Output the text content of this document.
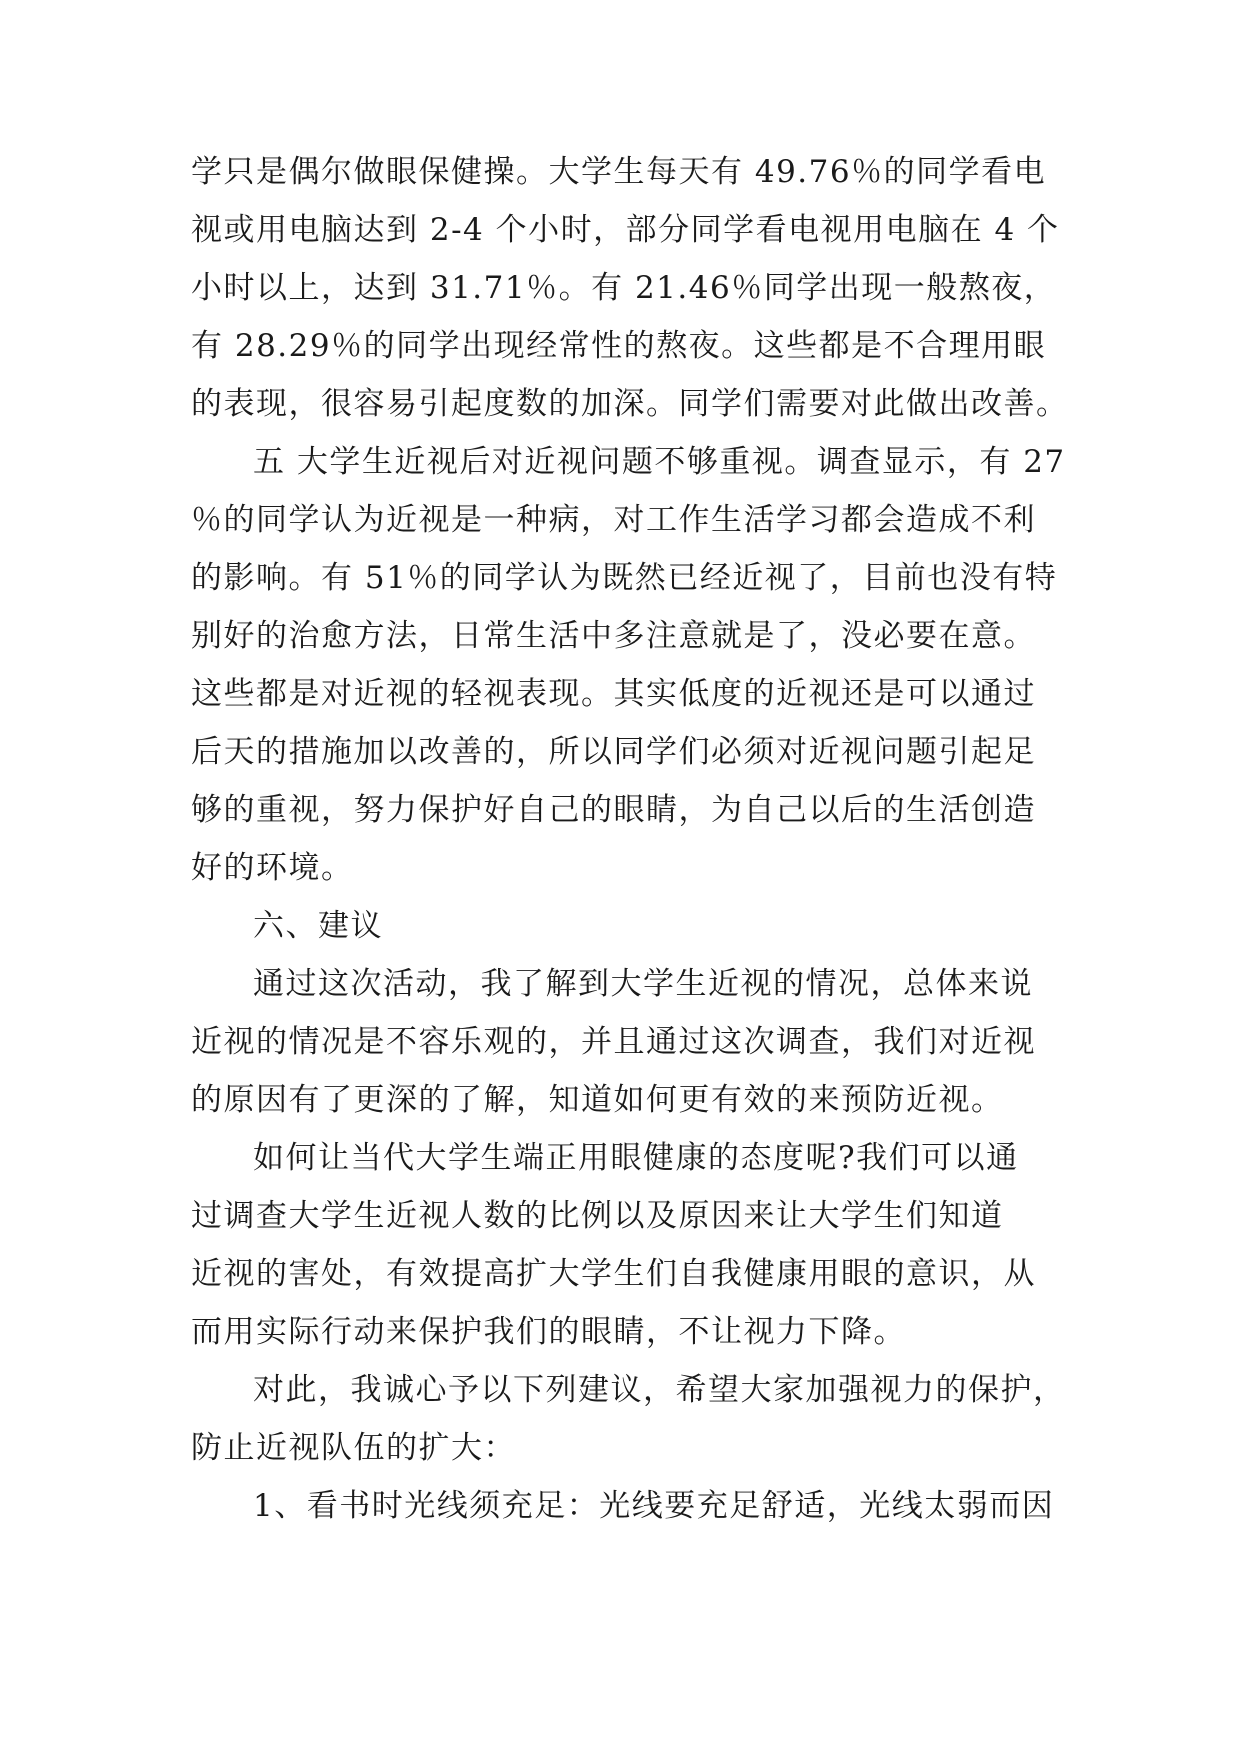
学只是偶尔做眼保健操。大学生每天有 49.76％的同学看电
视或用电脑达到 2-4 个小时，部分同学看电视用电脑在 4 个
小时以上，达到 31.71％。有 21.46％同学出现一般熬夜，
有 28.29％的同学出现经常性的熬夜。这些都是不合理用眼
的表现，很容易引起度数的加深。同学们需要对此做出改善。
五 大学生近视后对近视问题不够重视。调查显示，有 27
％的同学认为近视是一种病，对工作生活学习都会造成不利
的影响。有 51％的同学认为既然已经近视了，目前也没有特
别好的治愈方法，日常生活中多注意就是了，没必要在意。
这些都是对近视的轻视表现。其实低度的近视还是可以通过
后天的措施加以改善的，所以同学们必须对近视问题引起足
够的重视，努力保护好自己的眼睛，为自己以后的生活创造
好的环境。
六、建议
通过这次活动，我了解到大学生近视的情况，总体来说
近视的情况是不容乐观的，并且通过这次调查，我们对近视
的原因有了更深的了解，知道如何更有效的来预防近视。
如何让当代大学生端正用眼健康的态度呢?我们可以通
过调查大学生近视人数的比例以及原因来让大学生们知道
近视的害处，有效提高扩大学生们自我健康用眼的意识，从
而用实际行动来保护我们的眼睛，不让视力下降。
对此，我诚心予以下列建议，希望大家加强视力的保护，
防止近视队伍的扩大：
1、看书时光线须充足：光线要充足舒适，光线太弱而因
